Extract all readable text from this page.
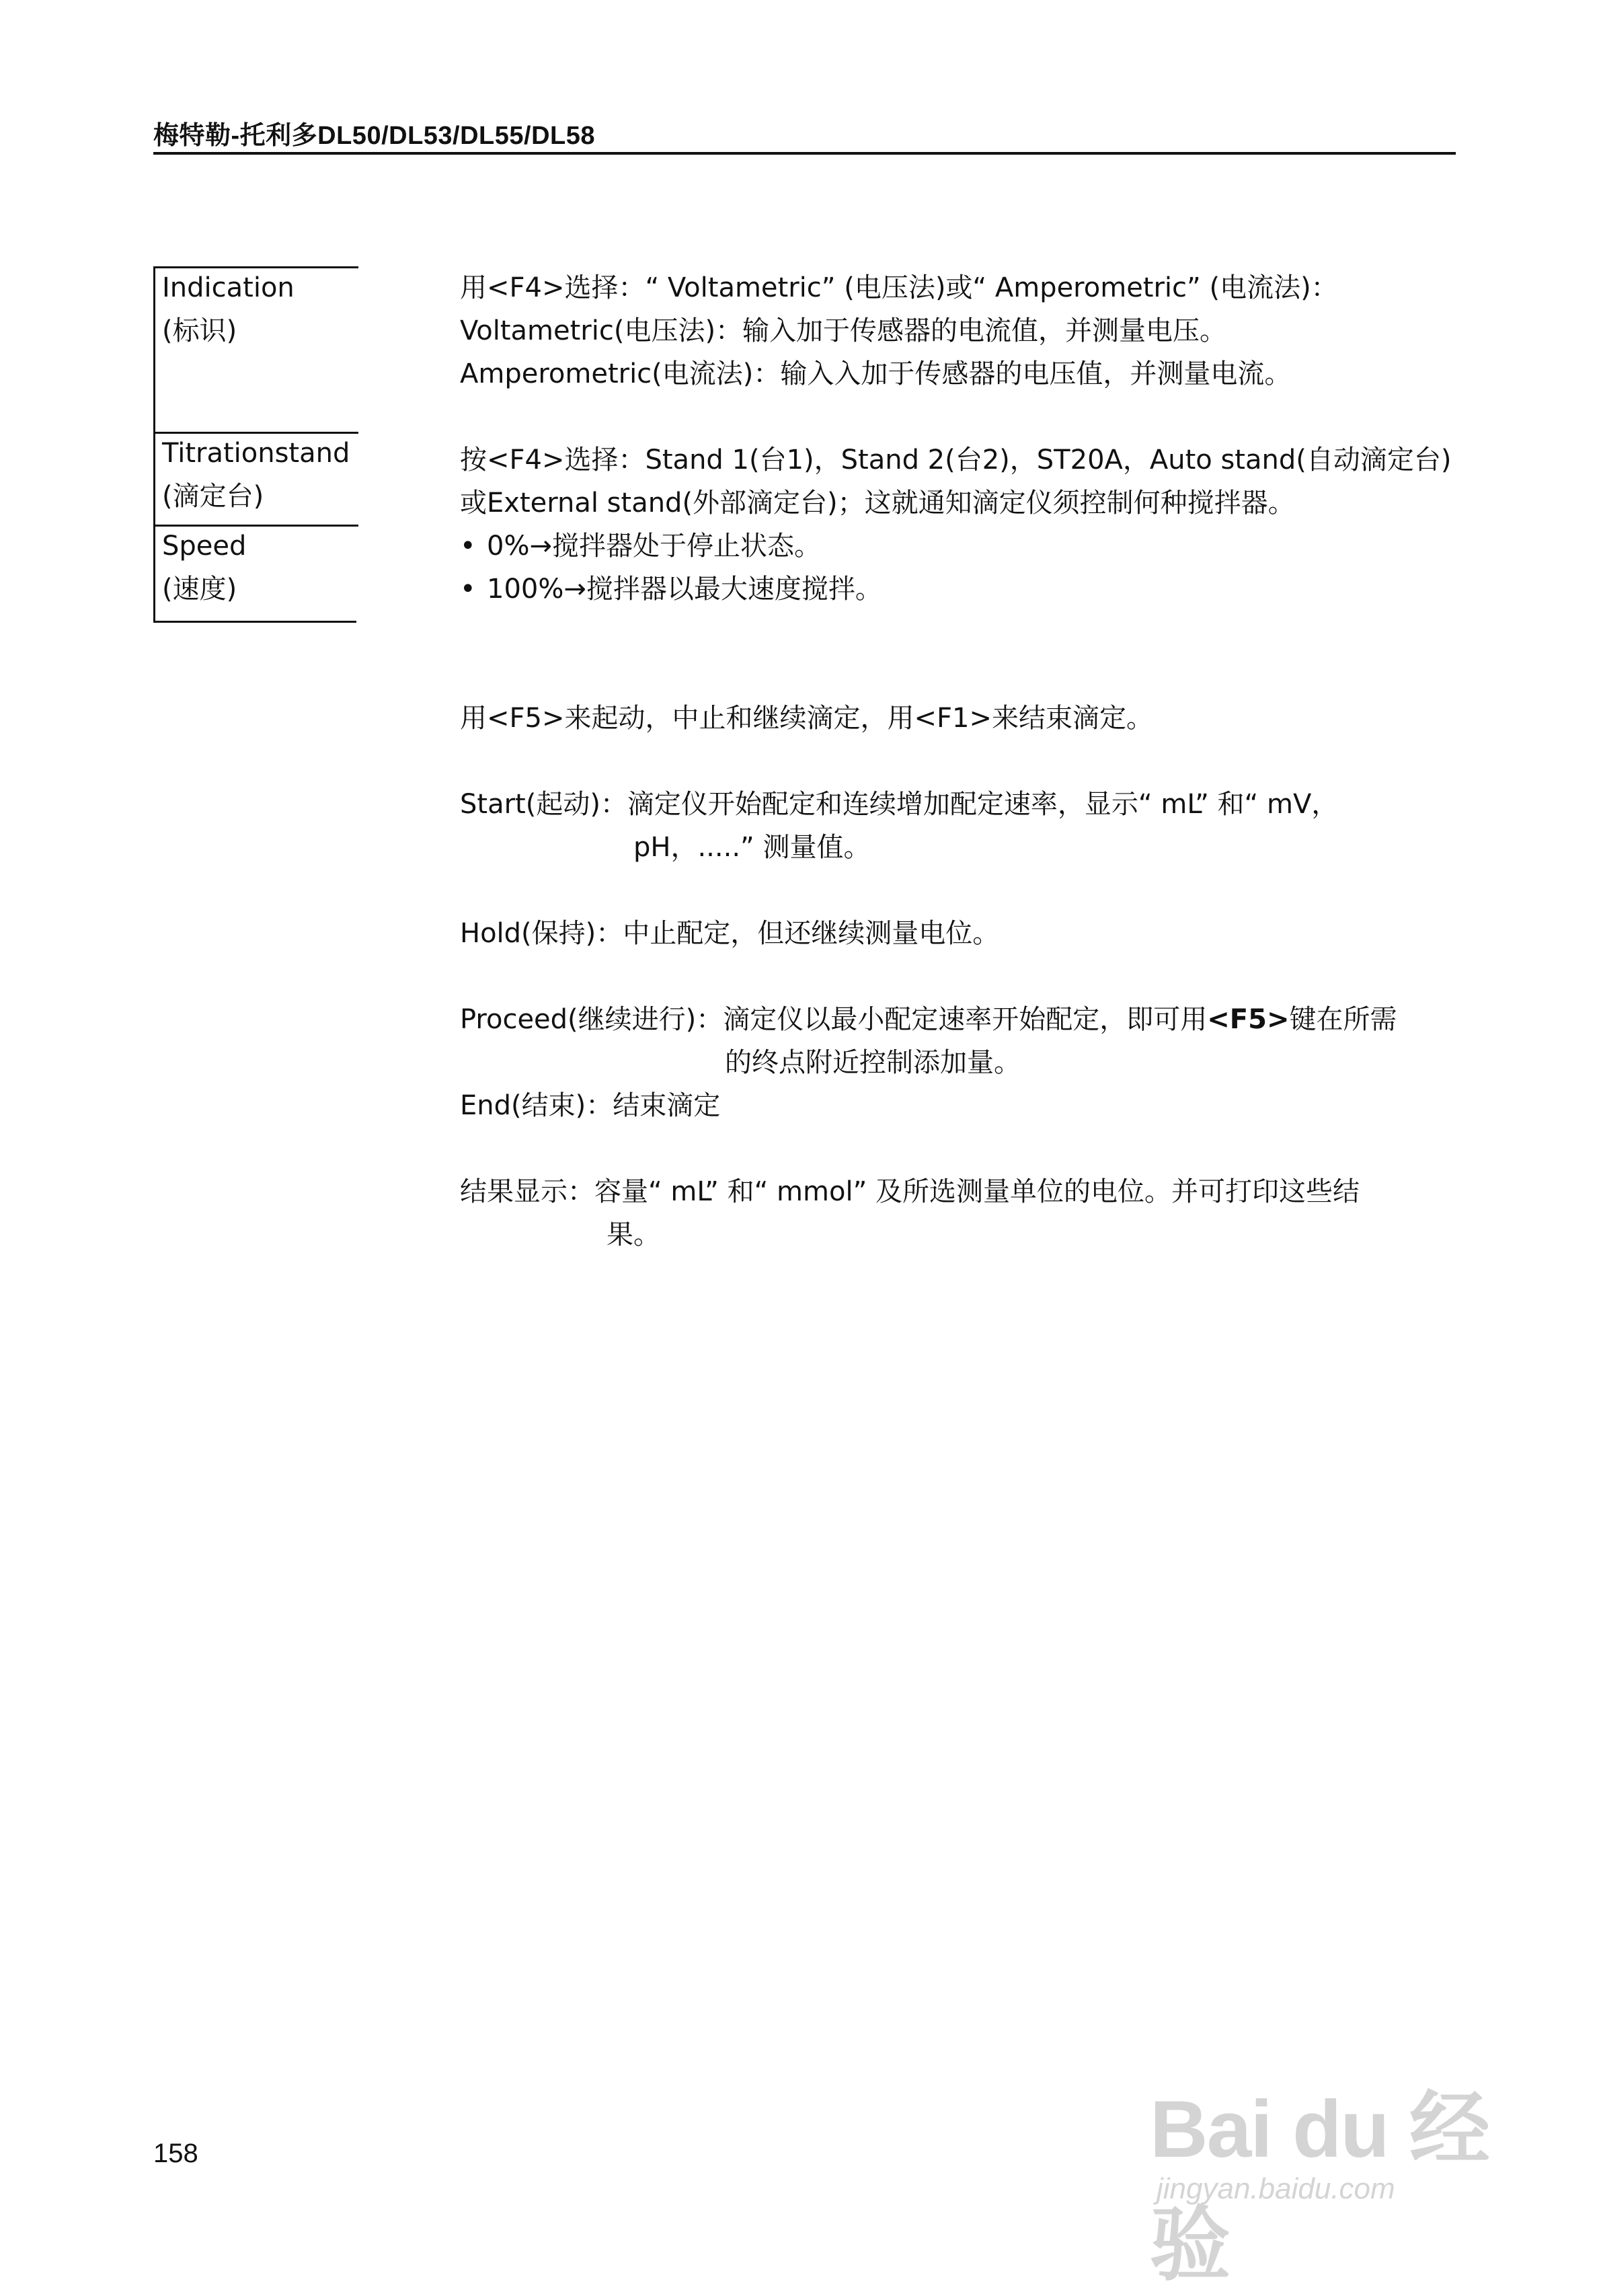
梅特勒-托利多DL50/DL53/DL55/DL58
Indication
(标识)
Titrationstand
(滴定台)
Speed
(速度)
用<F4>选择：“ Voltametric” (电压法)或“ Amperometric” (电流法)：
Voltametric(电压法)：输入加于传感器的电流值，并测量电压。
Amperometric(电流法)：输入入加于传感器的电压值，并测量电流。
按<F4>选择：Stand 1(台1)，Stand 2(台2)，ST20A，Auto stand(自动滴定台)
或External stand(外部滴定台)；这就通知滴定仪须控制何种搅拌器。
• 0%→搅拌器处于停止状态。
• 100%→搅拌器以最大速度搅拌。
用<F5>来起动，中止和继续滴定，用<F1>来结束滴定。
Start(起动)：滴定仪开始配定和连续增加配定速率，显示“ mL” 和“ mV，
pH，.....” 测量值。
Hold(保持)：中止配定，但还继续测量电位。
Proceed(继续进行)：滴定仪以最小配定速率开始配定，即可用<F5>键在所需
的终点附近控制添加量。
End(结束)：结束滴定
结果显示：容量“ mL” 和“ mmol” 及所选测量单位的电位。并可打印这些结
果。
158	Bai du 经验
jingyan.baidu.com
